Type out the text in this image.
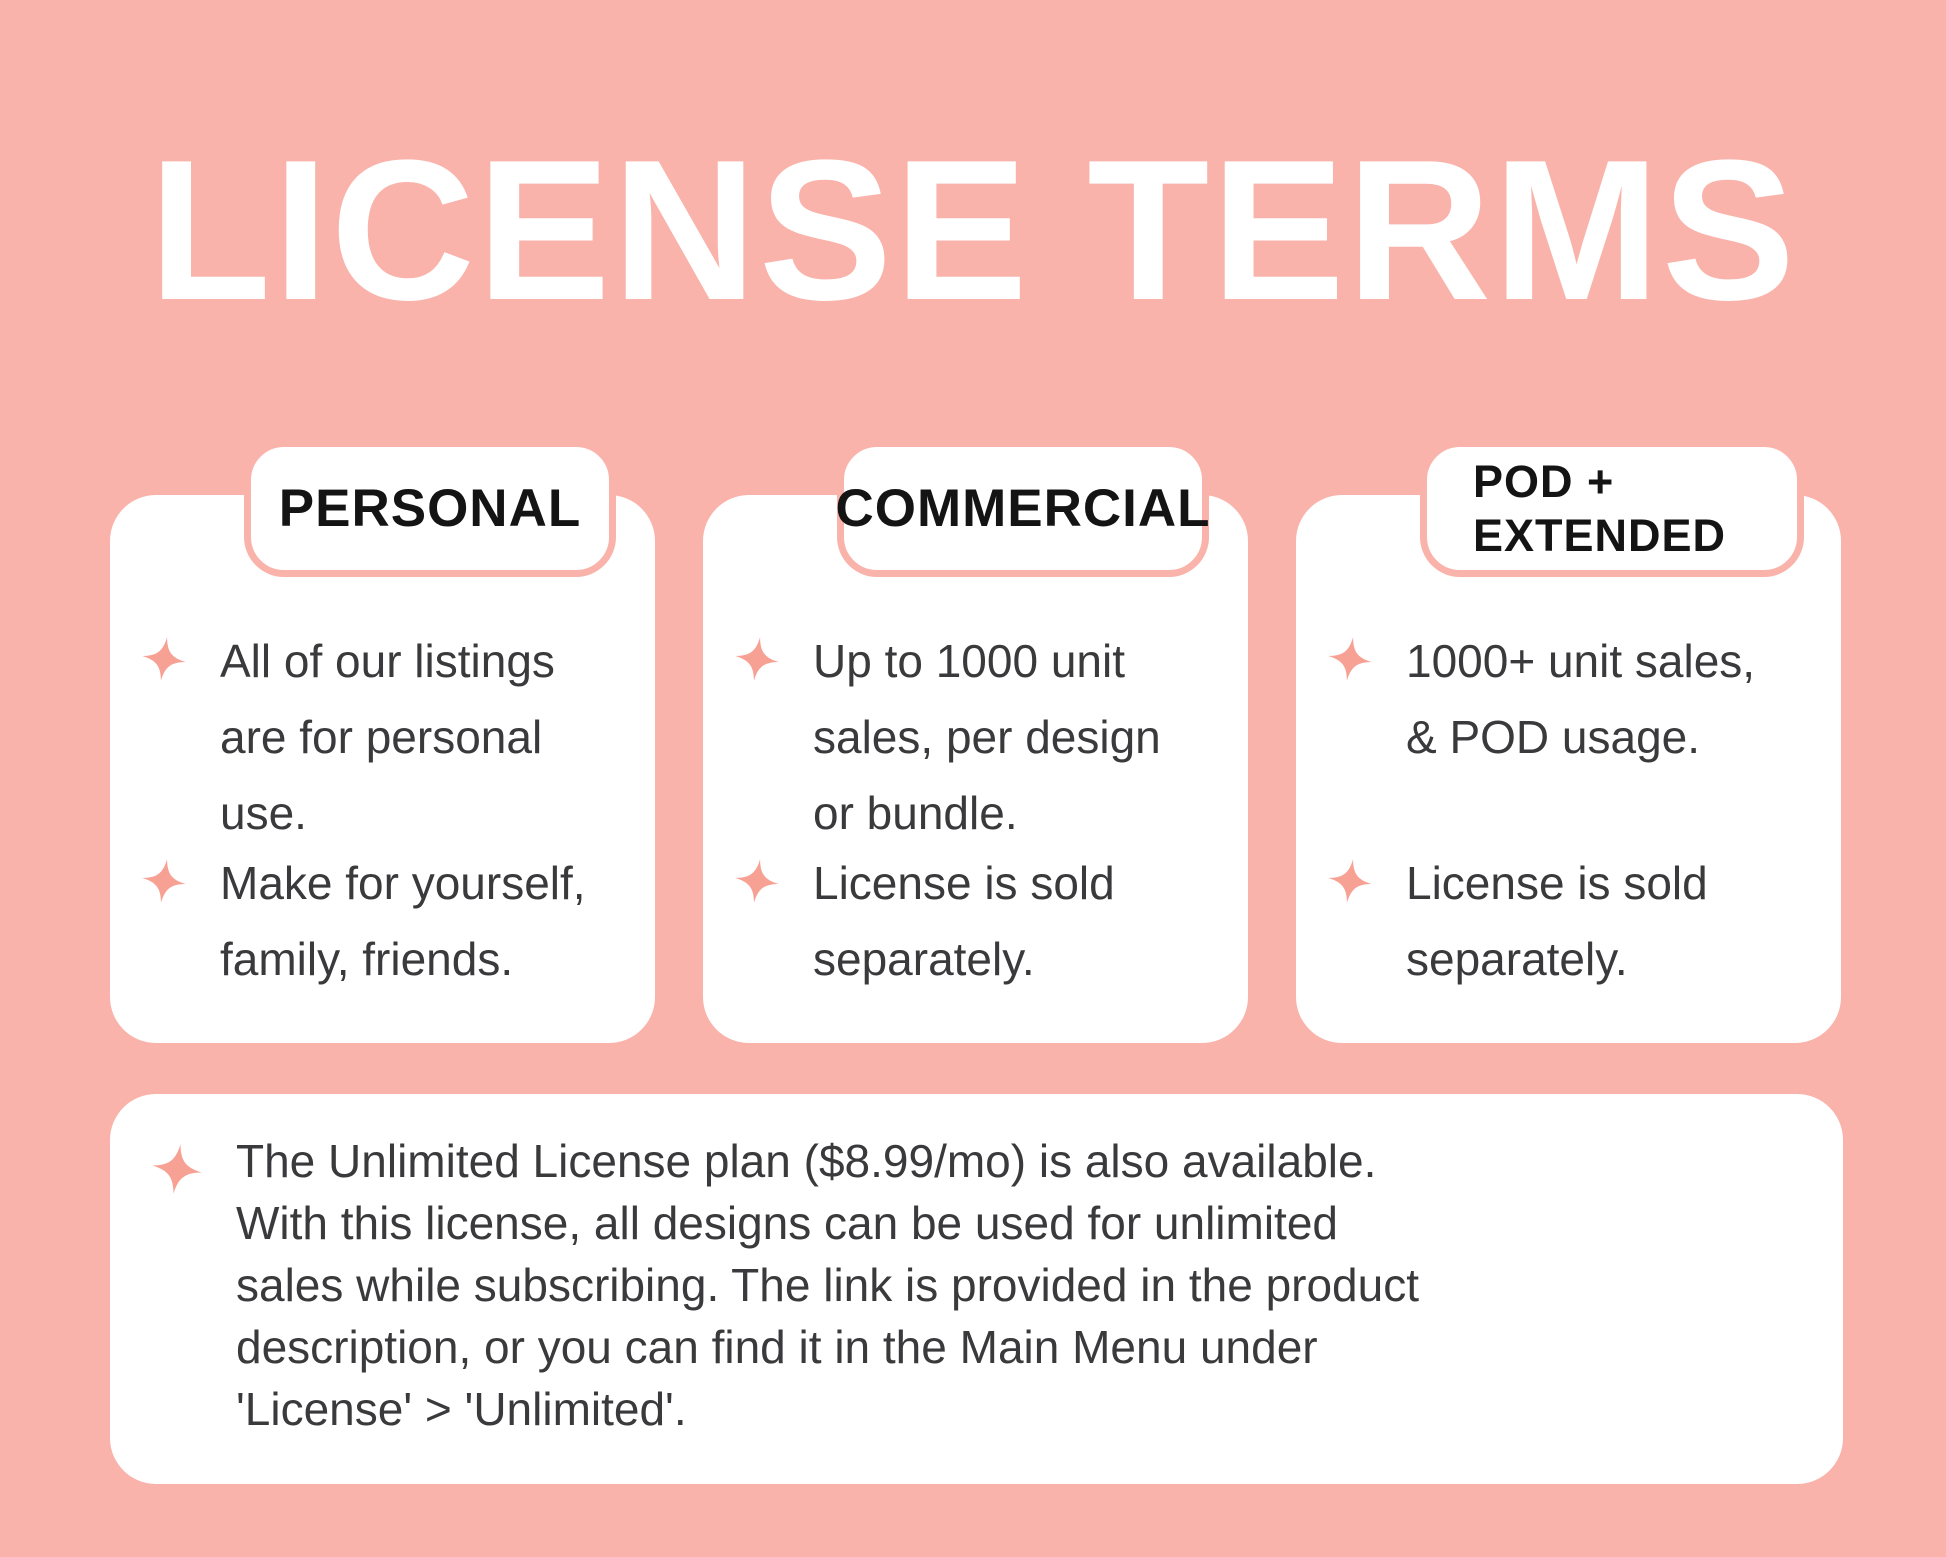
LICENSE TERMS
PERSONAL	COMMERCIAL	POD +
EXTENDED
All of our listings
are for personal
use.
Make for yourself,
family, friends.
Up to 1000 unit
sales, per design
or bundle.
License is sold
separately.
1000+ unit sales,
& POD usage.
License is sold
separately.
The Unlimited License plan ($8.99/mo) is also available.
With this license, all designs can be used for unlimited
sales while subscribing. The link is provided in the product
description, or you can find it in the Main Menu under
'License' > 'Unlimited'.
